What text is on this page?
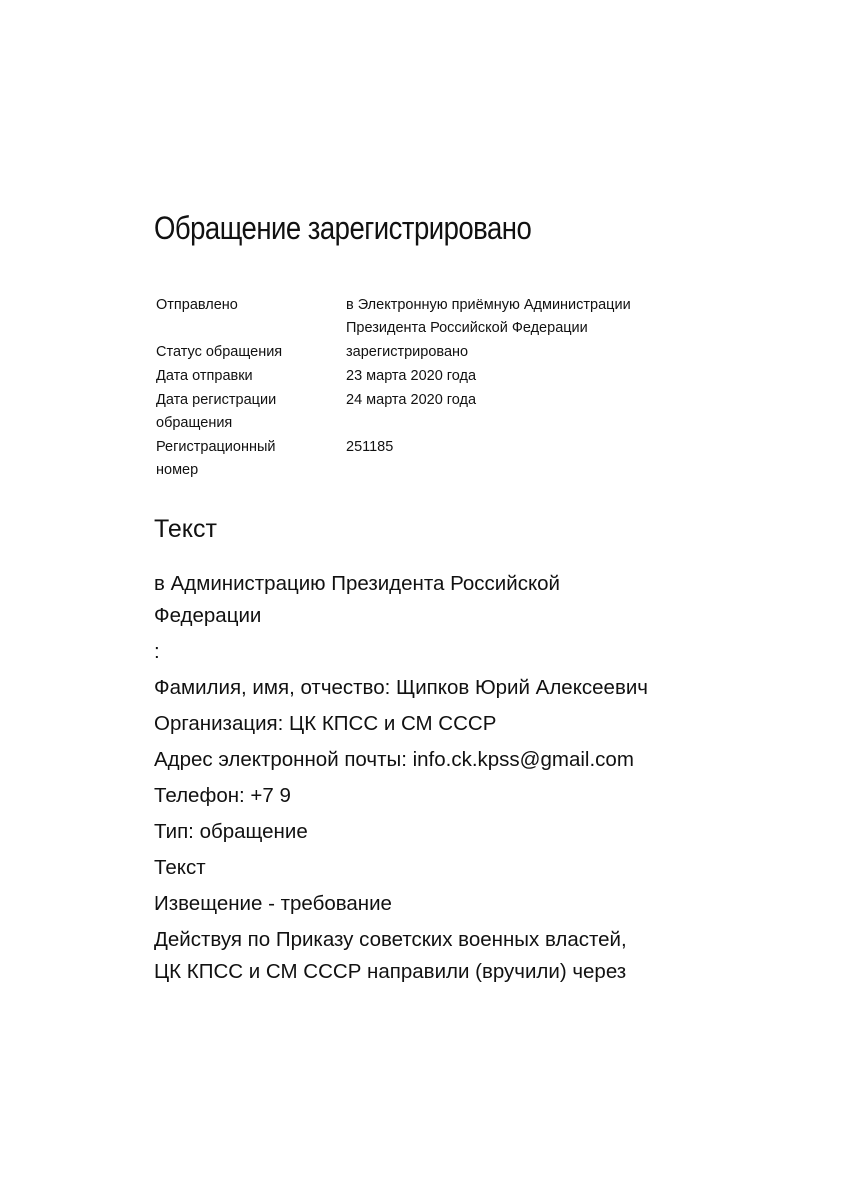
Обращение зарегистрировано
Отправлено	в Электронную приёмную Администрации
Президента Российской Федерации
Статус обращения	зарегистрировано
Дата отправки	23 марта 2020 года
Дата регистрации
обращения	24 марта 2020 года
Регистрационный
номер	251185
Текст

в Администрацию Президента Российской
Федерации

:

Фамилия, имя, отчество: Щипков Юрий Алексеевич

Организация: ЦК КПСС и СМ СССР

Адрес электронной почты: info.ck.kpss@gmail.com

Телефон: +7 9

Тип: обращение

Текст

Извещение - требование

Действуя по Приказу советских военных властей,
ЦК КПСС и СМ СССР направили (вручили) через
